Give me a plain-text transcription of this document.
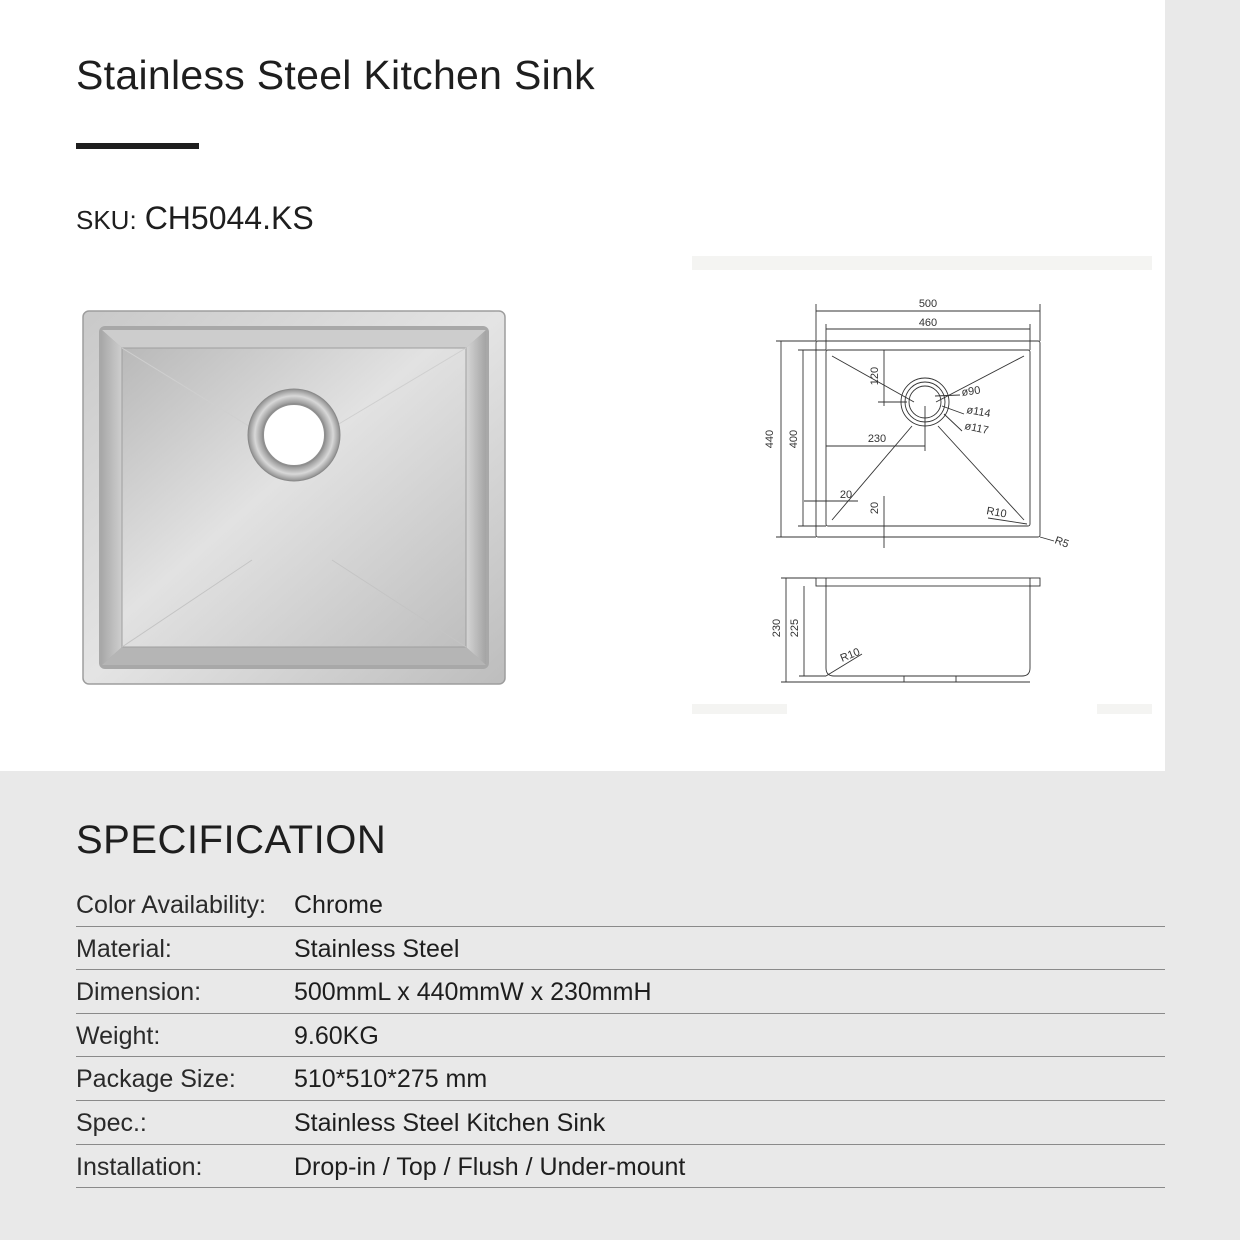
Stainless Steel Kitchen Sink

SKU: CH5044.KS

500
460
440 400
120
230
20
20
230 225
ø90
ø114
ø117
R10
R5
R10
SPECIFICATION
Color Availability: Chrome
Material:	Stainless Steel
Dimension:	500mmL x 440mmW x 230mmH
Weight:	9.60KG
Package Size: 510*510*275 mm
Spec.:	Stainless Steel Kitchen Sink
Installation:	Drop-in / Top / Flush / Under-mount
